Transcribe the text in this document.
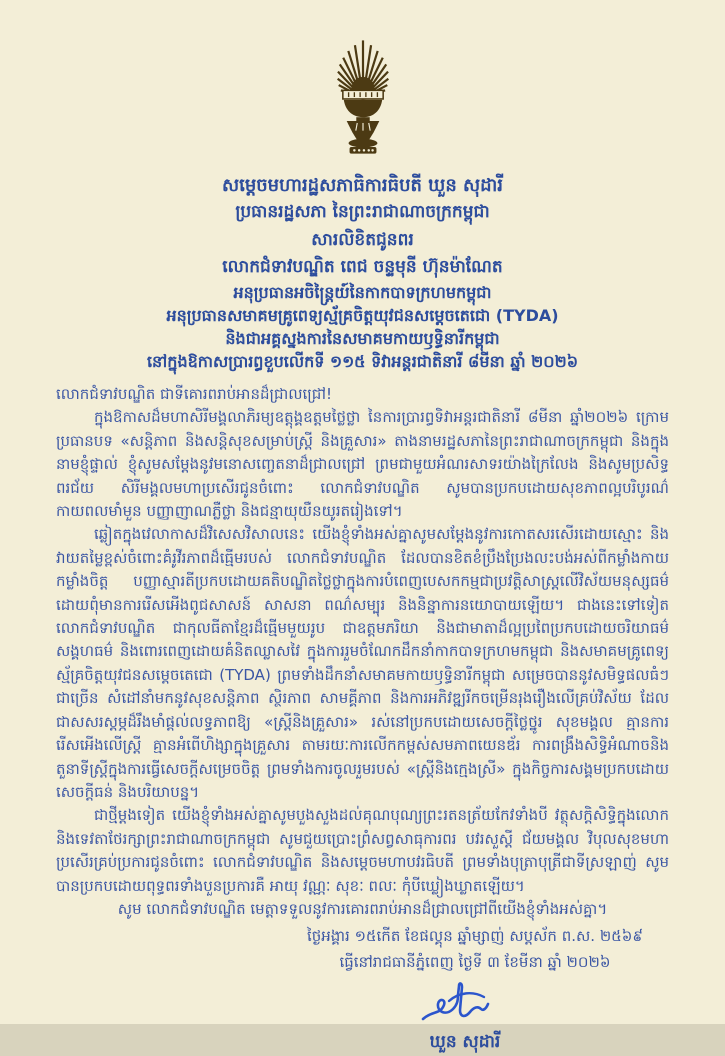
សម្តេចមហារដ្ឋសភាធិការធិបតី ឃួន សុដារី
ប្រធានរដ្ឋសភា នៃព្រះរាជាណាចក្រកម្ពុជា
សារលិខិតជូនពរ
លោកជំទាវបណ្ឌិត ពេជ ចន្ទមុនី ហ៊ុនម៉ាណែត
អនុប្រធានអចិន្ត្រៃយ៍នៃកាកបាទក្រហមកម្ពុជា
អនុប្រធានសមាគមគ្រូពេទ្យស្ម័គ្រចិត្តយុវជនសម្តេចតេជោ (TYDA)
និងជាអគ្គស្នងការនៃសមាគមកាយឫទ្ធិនារីកម្ពុជា
នៅក្នុងឱកាសប្រារព្ធខួបលើកទី ១១៥ ទិវាអន្តរជាតិនារី ៨មីនា ឆ្នាំ ២០២៦

លោកជំទាវបណ្ឌិត ជាទីគោរពរាប់អានដ៏ជ្រាលជ្រៅ!

ក្នុងឱកាសដ៏មហាសិរីមង្គលាភិរម្យឧត្តុង្គឧត្តមថ្លៃថ្លា នៃការប្រារព្ធទិវាអន្តរជាតិនារី ៨មីនា ឆ្នាំ២០២៦ ក្រោមប្រធានបទ «សន្តិភាព និងសន្តិសុខសម្រាប់ស្ត្រី និងគ្រួសារ» តាងនាមរដ្ឋសភានៃព្រះរាជាណាចក្រកម្ពុជា និងក្នុងនាមខ្ញុំផ្ទាល់ ខ្ញុំសូមសម្តែងនូវមនោសញ្ចេតនាដ៏ជ្រាលជ្រៅ ព្រមជាមួយអំណរសាទរយ៉ាងក្រៃលែង និងសូមប្រសិទ្ធពរជ័យ សិរីមង្គលមហាប្រសើរជូនចំពោះ លោកជំទាវបណ្ឌិត សូមបានប្រកបដោយសុខភាពល្អបរិបូរណ៌ កាយពលមាំមួន បញ្ញាញាណភ្លឺថ្លា និងជន្មាយុយឺនយូរតរៀងទៅ។

ឆ្លៀតក្នុងវេលាកាសដ៏វិសេសវិសាលនេះ យើងខ្ញុំទាំងអស់គ្នាសូមសម្តែងនូវការកោតសរសើរដោយស្មោះ និងវាយតម្លៃខ្ពស់ចំពោះគំរូវីរភាពដ៏ធ្មើមរបស់ លោកជំទាវបណ្ឌិត ដែលបានខិតខំប្រឹងប្រែងលះបង់អស់ពីកម្លាំងកាយ កម្លាំងចិត្ត បញ្ញាស្មារតីប្រកបដោយគតិបណ្ឌិតថ្លៃថ្លាក្នុងការបំពេញបេសកកម្មជាប្រវត្តិសាស្ត្រលើវិស័យមនុស្សធម៌ ដោយពុំមានការរើសអើងពូជសាសន៍ សាសនា ពណ៌សម្បុរ និងនិន្នាការនយោបាយឡើយ។ ជាងនេះទៅទៀត លោកជំទាវបណ្ឌិត ជាកុលធីតាខ្មែរដ៏ធ្មើមមួយរូប ជាឧត្តមភរិយា និងជាមាតាដ៏ល្អប្រពៃប្រកបដោយចរិយាធម៌ សង្គហធម៌ និងពោរពេញដោយគំនិតឈ្លាសវៃ ក្នុងការរួមចំណែកដឹកនាំកាកបាទក្រហមកម្ពុជា និងសមាគមគ្រូពេទ្យស្ម័គ្រចិត្តយុវជនសម្តេចតេជោ (TYDA) ព្រមទាំងដឹកនាំសមាគមកាយឫទ្ធិនារីកម្ពុជា សម្រេចបាននូវសមិទ្ធផលធំៗជាច្រើន សំដៅនាំមកនូវសុខសន្តិភាព ស្ថិរភាព សាមគ្គីភាព និងការអភិវឌ្ឍរីកចម្រើនរុងរឿងលើគ្រប់វិស័យ ដែលជាសសរស្តម្ភដ៏រឹងមាំផ្តល់លទ្ធភាពឱ្យ «ស្ត្រីនិងគ្រួសារ» រស់នៅប្រកបដោយសេចក្តីថ្លៃថ្នូរ សុខមង្គល គ្មានការរើសអើងលើស្ត្រី គ្មានអំពើហិង្សាក្នុងគ្រួសារ តាមរយៈការលើកកម្ពស់សមភាពយេនឌ័រ ការពង្រឹងសិទ្ធិអំណាចនិងតួនាទីស្ត្រីក្នុងការធ្វើសេចក្តីសម្រេចចិត្ត ព្រមទាំងការចូលរួមរបស់ «ស្ត្រីនិងក្មេងស្រី» ក្នុងកិច្ចការសង្គមប្រកបដោយសេចក្តីធន់ និងបរិយាបន្ន។

ជាថ្មីម្តងទៀត យើងខ្ញុំទាំងអស់គ្នាសូមបួងសួងដល់គុណបុណ្យព្រះរតនត្រ័យកែវទាំងបី វត្ថុសក្តិសិទ្ធិក្នុងលោក និងទេវតាថែរក្សាព្រះរាជាណាចក្រកម្ពុជា សូមជួយប្រោះព្រំសព្វសាធុការពរ បវរសួស្តី ជ័យមង្គល វិបុលសុខមហាប្រសើរគ្រប់ប្រការជូនចំពោះ លោកជំទាវបណ្ឌិត និងសម្តេចមហាបវរធិបតី ព្រមទាំងបុត្រាបុត្រីជាទីស្រឡាញ់ សូមបានប្រកបដោយពុទ្ធពរទាំងបួនប្រការគឺ អាយុ វណ្ណៈ សុខៈ ពលៈ កុំបីឃ្លៀងឃ្លាតឡើយ។

សូម លោកជំទាវបណ្ឌិត មេត្តាទទួលនូវការគោរពរាប់អានដ៏ជ្រាលជ្រៅពីយើងខ្ញុំទាំងអស់គ្នា។

ថ្ងៃអង្គារ ១៥កើត ខែផល្គុន ឆ្នាំម្សាញ់ សប្តស័ក ព.ស. ២៥៦៩
ធ្វើនៅរាជធានីភ្នំពេញ ថ្ងៃទី ៣ ខែមីនា ឆ្នាំ ២០២៦
ឃួន សុដារី
